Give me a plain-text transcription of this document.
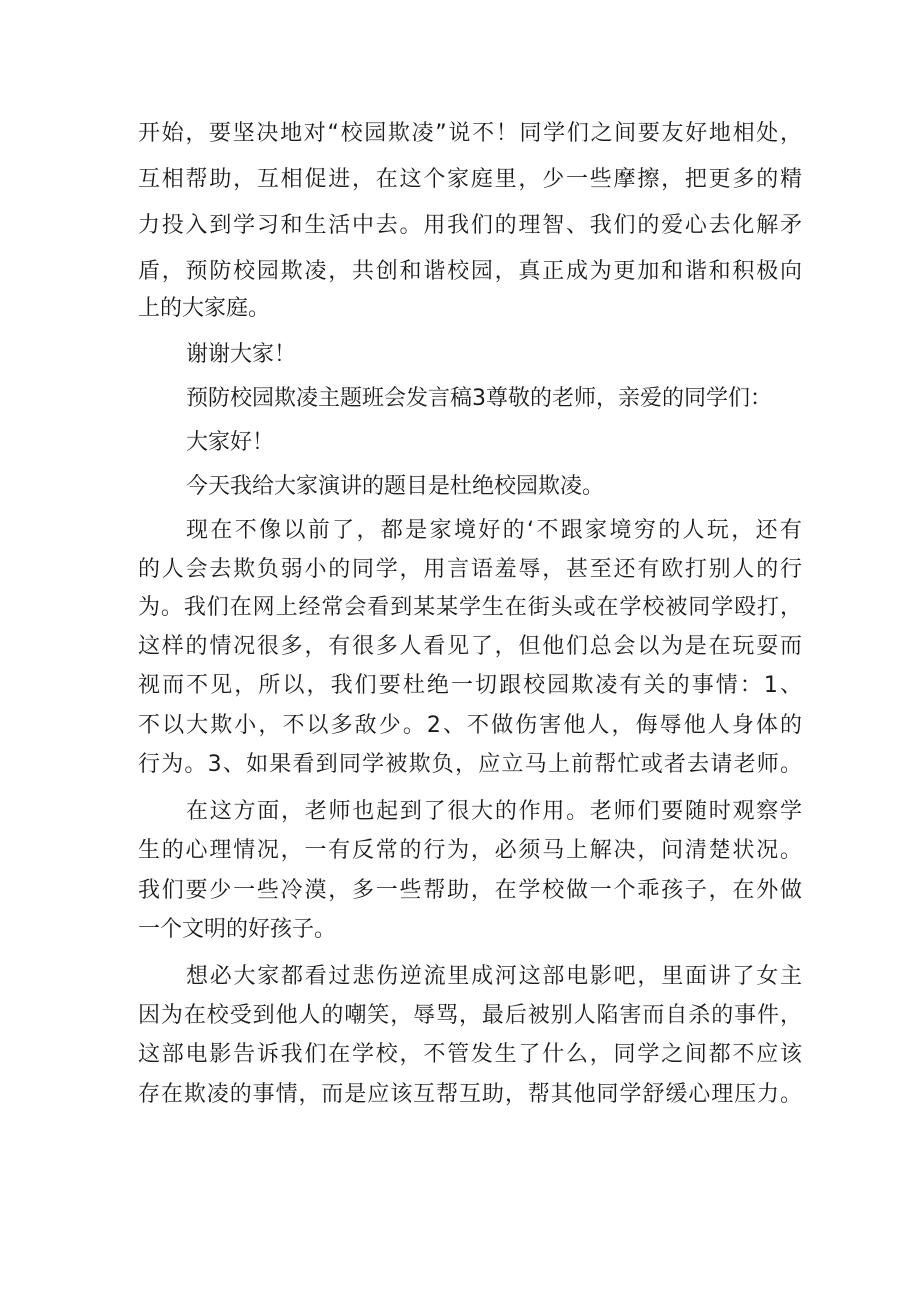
开始，要坚决地对“校园欺凌”说不！同学们之间要友好地相处，

互相帮助，互相促进，在这个家庭里，少一些摩擦，把更多的精

力投入到学习和生活中去。用我们的理智、我们的爱心去化解矛

盾，预防校园欺凌，共创和谐校园，真正成为更加和谐和积极向

上的大家庭。

谢谢大家！

预防校园欺凌主题班会发言稿3尊敬的老师，亲爱的同学们：

大家好！

今天我给大家演讲的题目是杜绝校园欺凌。

现在不像以前了，都是家境好的‘不跟家境穷的人玩，还有

的人会去欺负弱小的同学，用言语羞辱，甚至还有欧打别人的行

为。我们在网上经常会看到某某学生在街头或在学校被同学殴打，

这样的情况很多，有很多人看见了，但他们总会以为是在玩耍而

视而不见，所以，我们要杜绝一切跟校园欺凌有关的事情：1、

不以大欺小，不以多敌少。2、不做伤害他人，侮辱他人身体的

行为。3、如果看到同学被欺负，应立马上前帮忙或者去请老师。

在这方面，老师也起到了很大的作用。老师们要随时观察学

生的心理情况，一有反常的行为，必须马上解决，问清楚状况。

我们要少一些冷漠，多一些帮助，在学校做一个乖孩子，在外做

一个文明的好孩子。

想必大家都看过悲伤逆流里成河这部电影吧，里面讲了女主

因为在校受到他人的嘲笑，辱骂，最后被别人陷害而自杀的事件，

这部电影告诉我们在学校，不管发生了什么，同学之间都不应该

存在欺凌的事情，而是应该互帮互助，帮其他同学舒缓心理压力。
